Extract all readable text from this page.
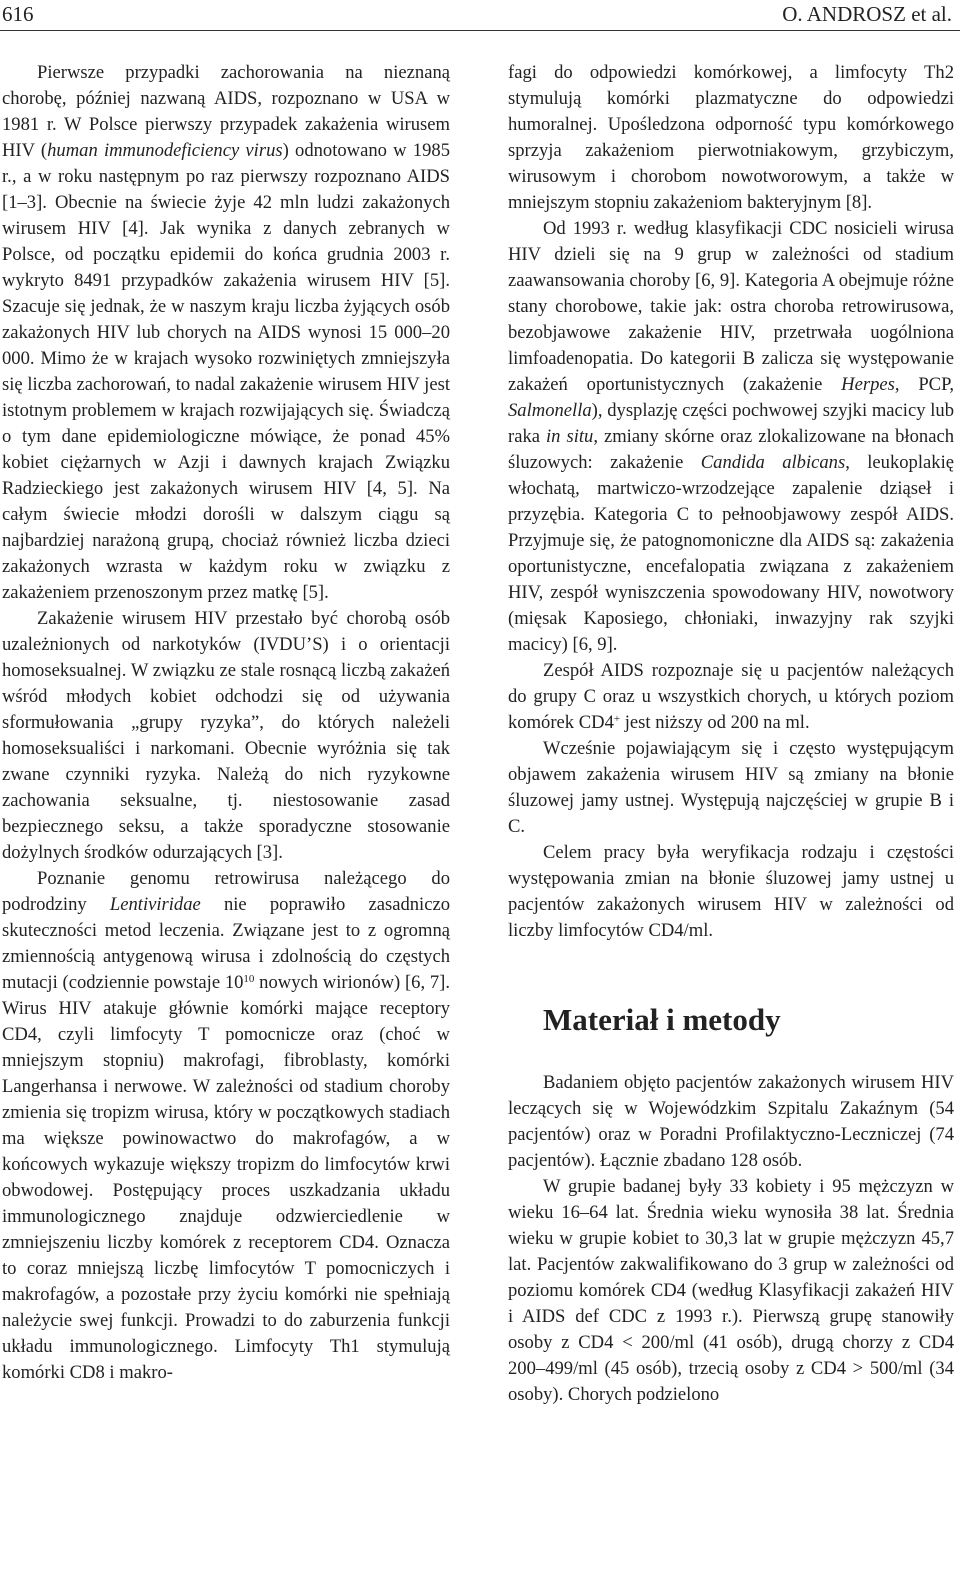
616	O. ANDROSZ et al.

Pierwsze przypadki zachorowania na nieznaną chorobę, później nazwaną AIDS, rozpoznano w USA w 1981 r. W Polsce pierwszy przypadek zakażenia wirusem HIV (human immunodeficiency virus) odnotowano w 1985 r., a w roku następnym po raz pierwszy rozpoznano AIDS [1–3]. Obecnie na świecie żyje 42 mln ludzi zakażonych wirusem HIV [4]. Jak wynika z danych zebranych w Polsce, od początku epidemii do końca grudnia 2003 r. wykryto 8491 przypadków zakażenia wirusem HIV [5]. Szacuje się jednak, że w naszym kraju liczba żyjących osób zakażonych HIV lub chorych na AIDS wynosi 15 000–20 000. Mimo że w krajach wysoko rozwiniętych zmniejszyła się liczba zachorowań, to nadal zakażenie wirusem HIV jest istotnym problemem w krajach rozwijających się. Świadczą o tym dane epidemiologiczne mówiące, że ponad 45% kobiet ciężarnych w Azji i dawnych krajach Związku Radzieckiego jest zakażonych wirusem HIV [4, 5]. Na całym świecie młodzi dorośli w dalszym ciągu są najbardziej narażoną grupą, chociaż również liczba dzieci zakażonych wzrasta w każdym roku w związku z zakażeniem przenoszonym przez matkę [5].

Zakażenie wirusem HIV przestało być chorobą osób uzależnionych od narkotyków (IVDU’S) i o orientacji homoseksualnej. W związku ze stale rosnącą liczbą zakażeń wśród młodych kobiet odchodzi się od używania sformułowania „grupy ryzyka”, do których należeli homoseksualiści i narkomani. Obecnie wyróżnia się tak zwane czynniki ryzyka. Należą do nich ryzykowne zachowania seksualne, tj. niestosowanie zasad bezpiecznego seksu, a także sporadyczne stosowanie dożylnych środków odurzających [3].

Poznanie genomu retrowirusa należącego do podrodziny Lentiviridae nie poprawiło zasadniczo skuteczności metod leczenia. Związane jest to z ogromną zmiennością antygenową wirusa i zdolnością do częstych mutacji (codziennie powstaje $10^{10}$ nowych wirionów) [6, 7]. Wirus HIV atakuje głównie komórki mające receptory CD4, czyli limfocyty T pomocnicze oraz (choć w mniejszym stopniu) makrofagi, fibroblasty, komórki Langerhansa i nerwowe. W zależności od stadium choroby zmienia się tropizm wirusa, który w początkowych stadiach ma większe powinowactwo do makrofagów, a w końcowych wykazuje większy tropizm do limfocytów krwi obwodowej. Postępujący proces uszkadzania układu immunologicznego znajduje odzwierciedlenie w zmniejszeniu liczby komórek z receptorem CD4. Oznacza to coraz mniejszą liczbę limfocytów T pomocniczych i makrofagów, a pozostałe przy życiu komórki nie spełniają należycie swej funkcji. Prowadzi to do zaburzenia funkcji układu immunologicznego. Limfocyty Th1 stymulują komórki CD8 i makro-

fagi do odpowiedzi komórkowej, a limfocyty Th2 stymulują komórki plazmatyczne do odpowiedzi humoralnej. Upośledzona odporność typu komórkowego sprzyja zakażeniom pierwotniakowym, grzybiczym, wirusowym i chorobom nowotworowym, a także w mniejszym stopniu zakażeniom bakteryjnym [8].

Od 1993 r. według klasyfikacji CDC nosicieli wirusa HIV dzieli się na 9 grup w zależności od stadium zaawansowania choroby [6, 9]. Kategoria A obejmuje różne stany chorobowe, takie jak: ostra choroba retrowirusowa, bezobjawowe zakażenie HIV, przetrwała uogólniona limfoadenopatia. Do kategorii B zalicza się występowanie zakażeń oportunistycznych (zakażenie Herpes, PCP, Salmonella), dysplazję części pochwowej szyjki macicy lub raka in situ, zmiany skórne oraz zlokalizowane na błonach śluzowych: zakażenie Candida albicans, leukoplakię włochatą, martwiczo-wrzodzejące zapalenie dziąseł i przyzębia. Kategoria C to pełnoobjawowy zespół AIDS. Przyjmuje się, że patognomoniczne dla AIDS są: zakażenia oportunistyczne, encefalopatia związana z zakażeniem HIV, zespół wyniszczenia spowodowany HIV, nowotwory (mięsak Kaposiego, chłoniaki, inwazyjny rak szyjki macicy) [6, 9].

Zespół AIDS rozpoznaje się u pacjentów należących do grupy C oraz u wszystkich chorych, u których poziom komórek CD4+ jest niższy od 200 na ml.

Wcześnie pojawiającym się i często występującym objawem zakażenia wirusem HIV są zmiany na błonie śluzowej jamy ustnej. Występują najczęściej w grupie B i C.

Celem pracy była weryfikacja rodzaju i częstości występowania zmian na błonie śluzowej jamy ustnej u pacjentów zakażonych wirusem HIV w zależności od liczby limfocytów CD4/ml.

Materiał i metody

Badaniem objęto pacjentów zakażonych wirusem HIV leczących się w Wojewódzkim Szpitalu Zakaźnym (54 pacjentów) oraz w Poradni Profilaktyczno-Leczniczej (74 pacjentów). Łącznie zbadano 128 osób.

W grupie badanej były 33 kobiety i 95 mężczyzn w wieku 16–64 lat. Średnia wieku wynosiła 38 lat. Średnia wieku w grupie kobiet to 30,3 lat w grupie mężczyzn 45,7 lat. Pacjentów zakwalifikowano do 3 grup w zależności od poziomu komórek CD4 (według Klasyfikacji zakażeń HIV i AIDS def CDC z 1993 r.). Pierwszą grupę stanowiły osoby z CD4 < 200/ml (41 osób), drugą chorzy z CD4 200–499/ml (45 osób), trzecią osoby z CD4 > 500/ml (34 osoby). Chorych podzielono
